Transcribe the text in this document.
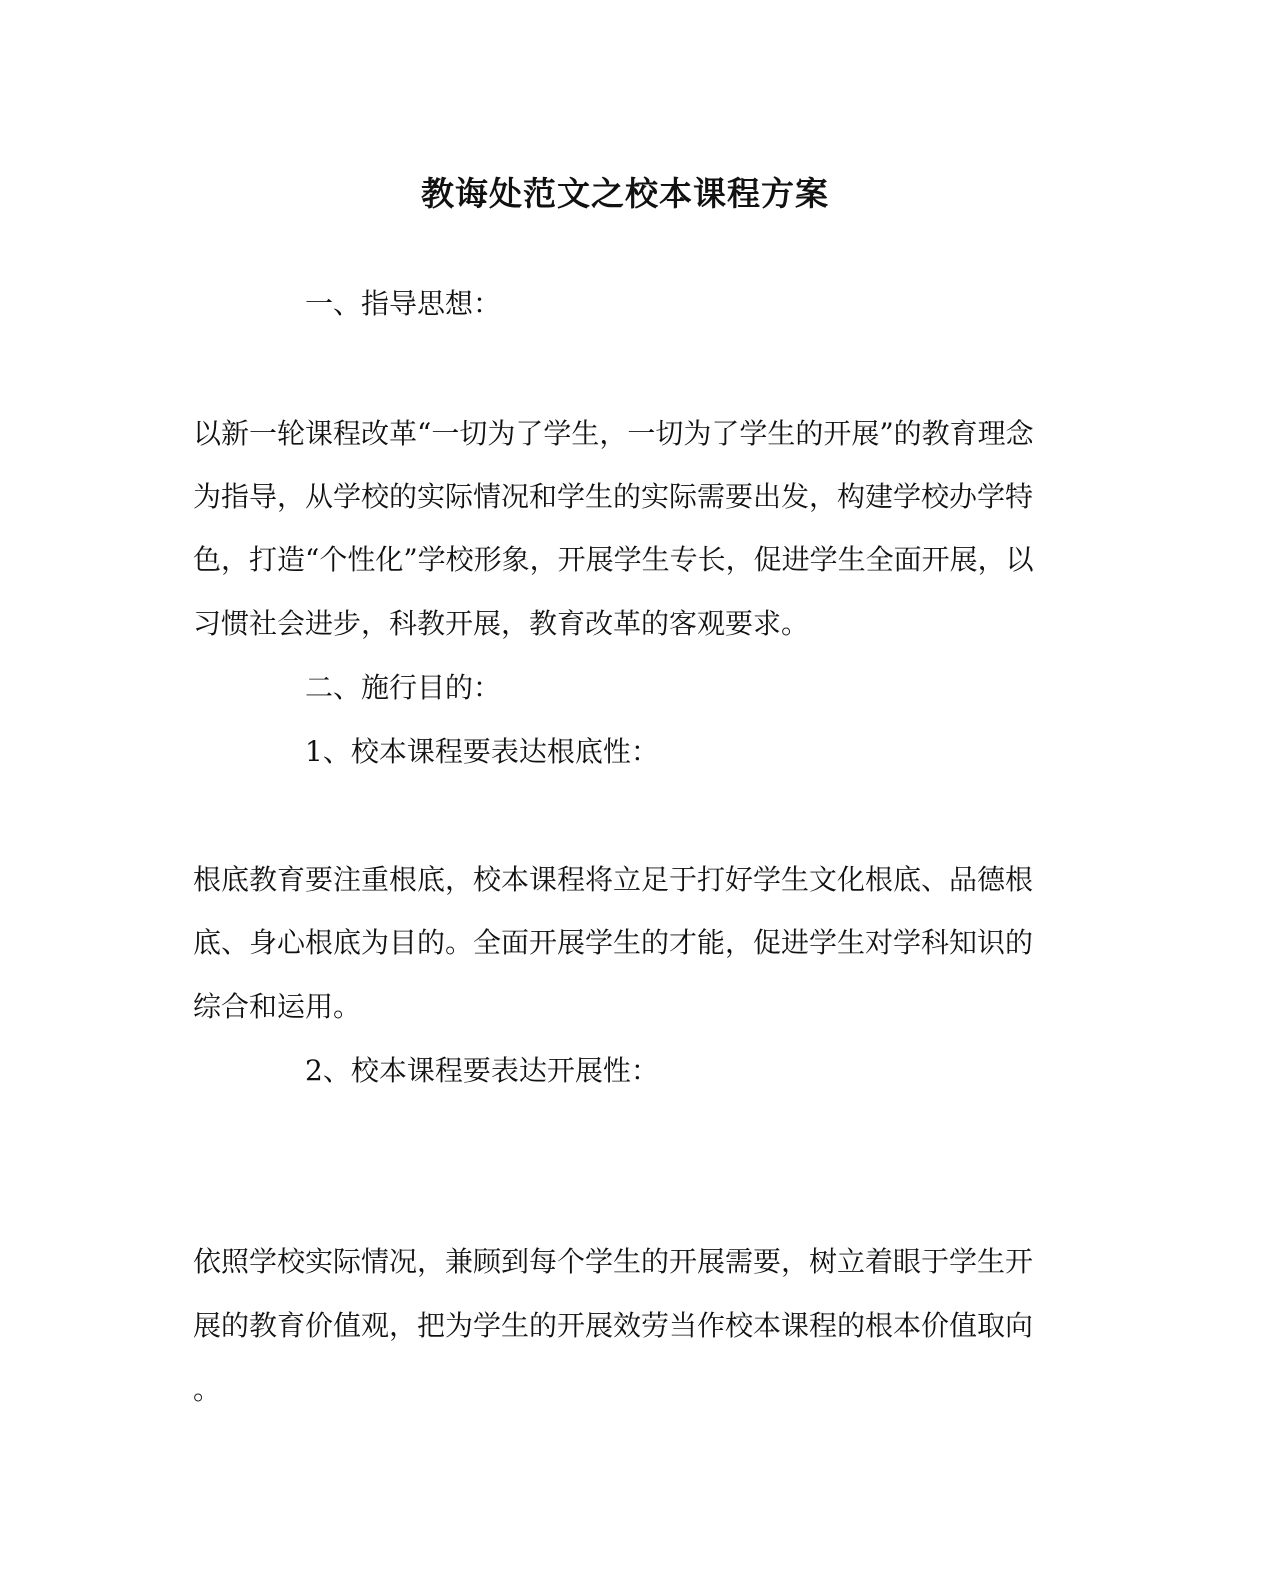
教诲处范文之校本课程方案
一、指导思想：
以新一轮课程改革“一切为了学生，一切为了学生的开展”的教育理念
为指导，从学校的实际情况和学生的实际需要出发，构建学校办学特
色，打造“个性化”学校形象，开展学生专长，促进学生全面开展，以
习惯社会进步，科教开展，教育改革的客观要求。
二、施行目的：
1、校本课程要表达根底性：
根底教育要注重根底，校本课程将立足于打好学生文化根底、品德根
底、身心根底为目的。全面开展学生的才能，促进学生对学科知识的
综合和运用。
2、校本课程要表达开展性：
依照学校实际情况，兼顾到每个学生的开展需要，树立着眼于学生开
展的教育价值观，把为学生的开展效劳当作校本课程的根本价值取向
。
